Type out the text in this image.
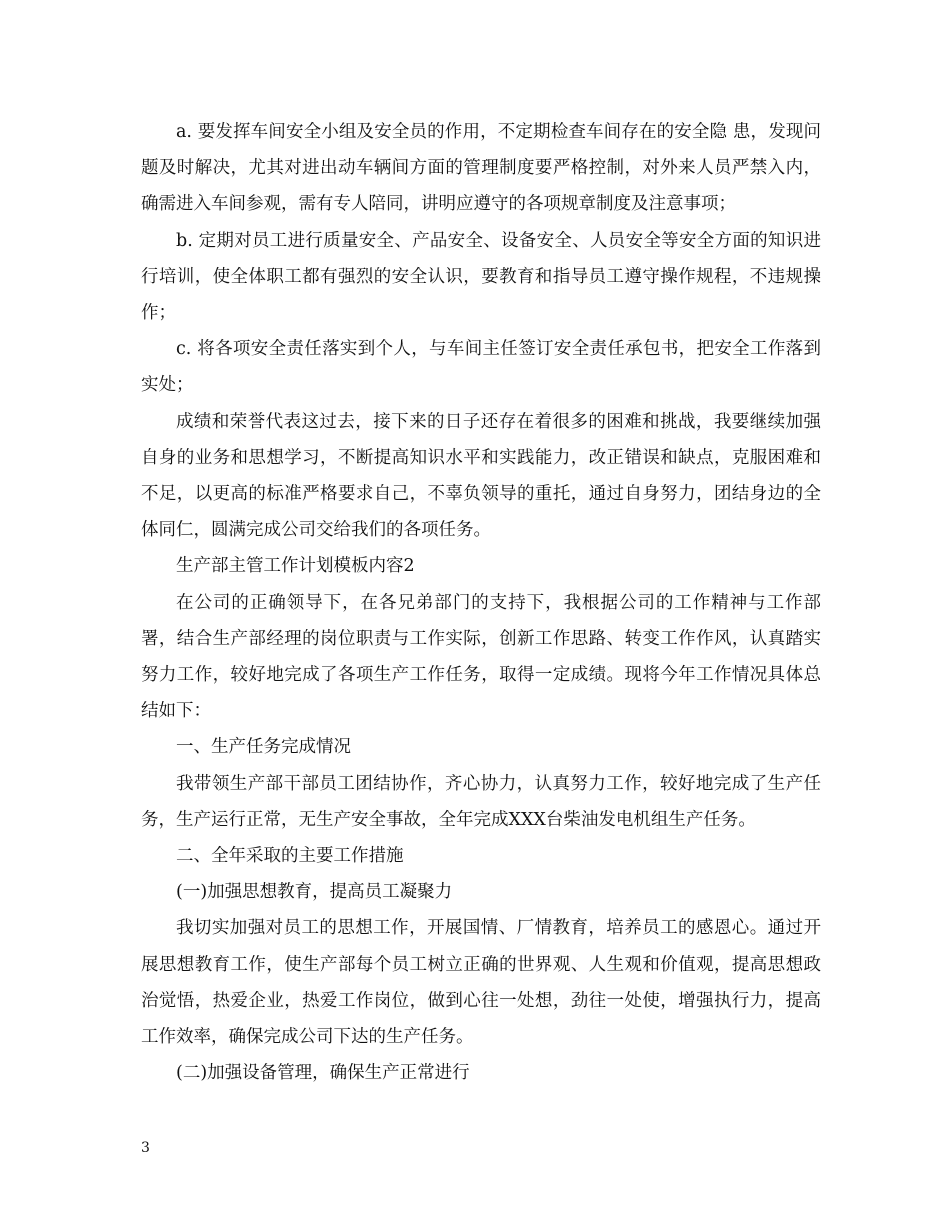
a. 要发挥车间安全小组及安全员的作用，不定期检查车间存在的安全隐 患，发现问题及时解决，尤其对进出动车辆间方面的管理制度要严格控制，对外来人员严禁入内，确需进入车间参观，需有专人陪同，讲明应遵守的各项规章制度及注意事项；

b. 定期对员工进行质量安全、产品安全、设备安全、人员安全等安全方面的知识进行培训，使全体职工都有强烈的安全认识，要教育和指导员工遵守操作规程，不违规操作；

c. 将各项安全责任落实到个人，与车间主任签订安全责任承包书，把安全工作落到实处；

成绩和荣誉代表这过去，接下来的日子还存在着很多的困难和挑战，我要继续加强自身的业务和思想学习，不断提高知识水平和实践能力，改正错误和缺点，克服困难和不足，以更高的标准严格要求自己，不辜负领导的重托，通过自身努力，团结身边的全体同仁，圆满完成公司交给我们的各项任务。

生产部主管工作计划模板内容2

在公司的正确领导下，在各兄弟部门的支持下，我根据公司的工作精神与工作部署，结合生产部经理的岗位职责与工作实际，创新工作思路、转变工作作风，认真踏实努力工作，较好地完成了各项生产工作任务，取得一定成绩。现将今年工作情况具体总结如下：

一、生产任务完成情况

我带领生产部干部员工团结协作，齐心协力，认真努力工作，较好地完成了生产任务，生产运行正常，无生产安全事故，全年完成XXX台柴油发电机组生产任务。

二、全年采取的主要工作措施

(一)加强思想教育，提高员工凝聚力

我切实加强对员工的思想工作，开展国情、厂情教育，培养员工的感恩心。通过开展思想教育工作，使生产部每个员工树立正确的世界观、人生观和价值观，提高思想政治觉悟，热爱企业，热爱工作岗位，做到心往一处想，劲往一处使，增强执行力，提高工作效率，确保完成公司下达的生产任务。

(二)加强设备管理，确保生产正常进行

3
